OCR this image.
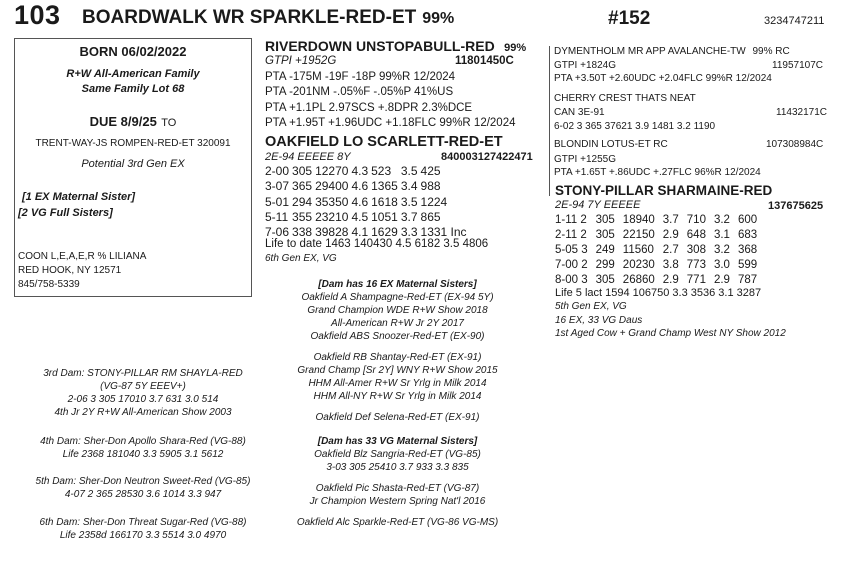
103 BOARDWALK WR SPARKLE-RED-ET 99%	#152	3234747211
BORN 06/02/2022
R+W All-American Family
Same Family Lot 68
DUE 8/9/25 TO
TRENT-WAY-JS ROMPEN-RED-ET 320091
Potential 3rd Gen EX
[1 EX Maternal Sister]
[2 VG Full Sisters]
COON L,E,A,E,R % LILIANA
RED HOOK, NY 12571
845/758-5339
RIVERDOWN UNSTOPABULL-RED 99%
GTPI +1952G	11801450C
PTA -175M -19F -18P 99%R 12/2024
PTA -201NM -.05%F -.05%P 41%US
PTA +1.1PL 2.97SCS +.8DPR 2.3%DCE
PTA +1.95T +1.96UDC +1.18FLC 99%R 12/2024
OAKFIELD LO SCARLETT-RED-ET
2E-94 EEEEE 8Y	840003127422471
2-00	305	12270	4.3	523	3.5	425
3-07	365	29400	4.6	1365	3.4	988
5-01	294	35350	4.6	1618	3.5	1224
5-11	355	23210	4.5	1051	3.7	865
7-06	338	39828	4.1	1629	3.3	1331 Inc
Life to date 1463 140430 4.5 6182 3.5 4806
6th Gen EX, VG
DYMENTHOLM MR APP AVALANCHE-TW 99% RC
GTPI +1824G	11957107C
PTA +3.50T +2.60UDC +2.04FLC 99%R 12/2024
CHERRY CREST THATS NEAT
CAN 3E-91	11432171C
6-02 3 365 37621 3.9 1481 3.2 1190
BLONDIN LOTUS-ET RC	107308984C
GTPI +1255G
PTA +1.65T +.86UDC +.27FLC 96%R 12/2024
STONY-PILLAR SHARMAINE-RED
2E-94 7Y EEEEE	137675625
1-11 2	305	18940	3.7	710	3.2	600
2-11 2	305	22150	2.9	648	3.1	683
5-05 3	249	11560	2.7	308	3.2	368
7-00 2	299	20230	3.8	773	3.0	599
8-00 3	305	26860	2.9	771	2.9	787
Life 5 lact 1594 106750 3.3 3536 3.1 3287
5th Gen EX, VG
16 EX, 33 VG Daus
1st Aged Cow + Grand Champ West NY Show 2012
[Dam has 16 EX Maternal Sisters]
Oakfield A Shampagne-Red-ET (EX-94 5Y)
Grand Champion WDE R+W Show 2018
All-American R+W Jr 2Y 2017
Oakfield ABS Snoozer-Red-ET (EX-90)
Oakfield RB Shantay-Red-ET (EX-91)
Grand Champ [Sr 2Y] WNY R+W Show 2015
HHM All-Amer R+W Sr Yrlg in Milk 2014
HHM All-NY R+W Sr Yrlg in Milk 2014
Oakfield Def Selena-Red-ET (EX-91)
[Dam has 33 VG Maternal Sisters]
Oakfield Blz Sangria-Red-ET (VG-85)
3-03 305 25410 3.7 933 3.3 835
Oakfield Pic Shasta-Red-ET (VG-87)
Jr Champion Western Spring Nat'l 2016
Oakfield Alc Sparkle-Red-ET (VG-86 VG-MS)
3rd Dam: STONY-PILLAR RM SHAYLA-RED
(VG-87 5Y EEEV+)
2-06 3 305 17010 3.7 631 3.0 514
4th Jr 2Y R+W All-American Show 2003
4th Dam: Sher-Don Apollo Shara-Red (VG-88)
Life 2368 181040 3.3 5905 3.1 5612
5th Dam: Sher-Don Neutron Sweet-Red (VG-85)
4-07 2 365 28530 3.6 1014 3.3 947
6th Dam: Sher-Don Threat Sugar-Red (VG-88)
Life 2358d 166170 3.3 5514 3.0 4970
